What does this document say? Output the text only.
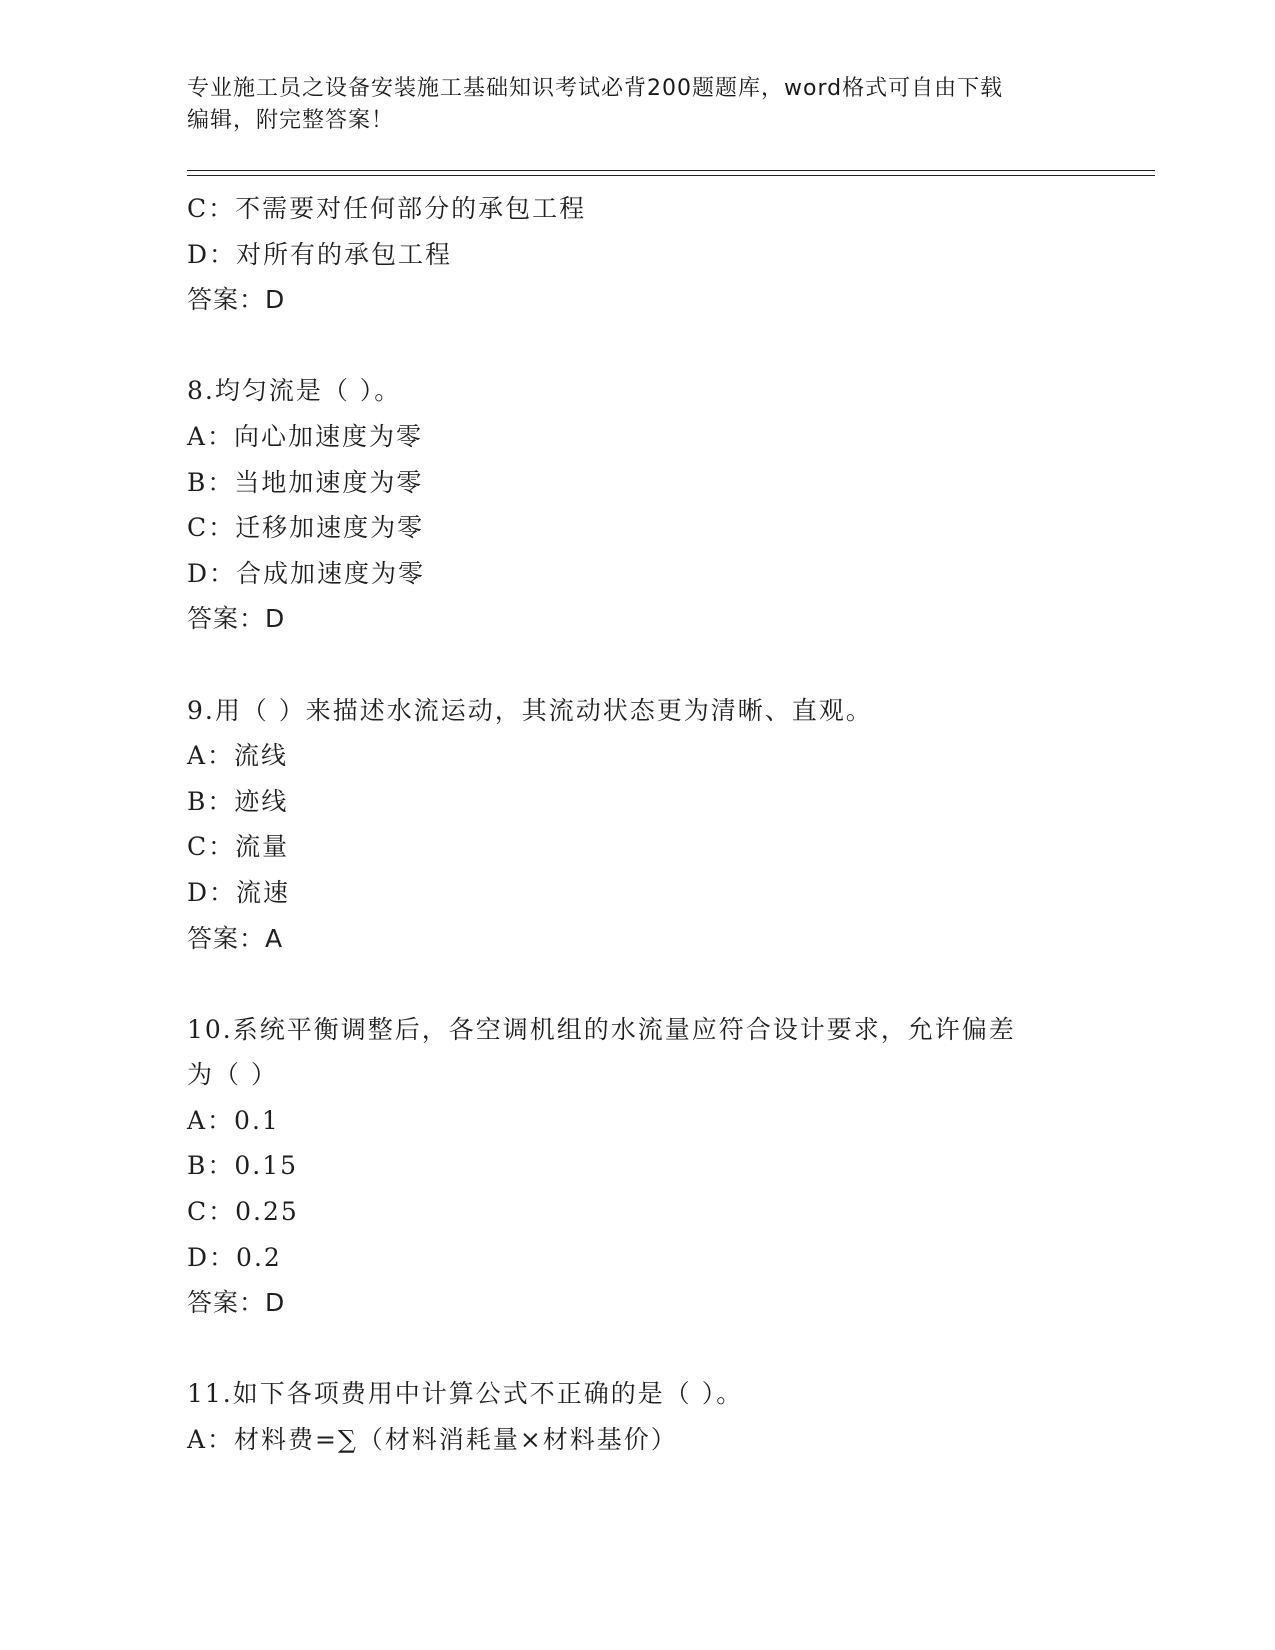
专业施工员之设备安装施工基础知识考试必背200题题库，word格式可自由下载
编辑，附完整答案！
C：不需要对任何部分的承包工程
D：对所有的承包工程
答案：D
8.均匀流是（ ）。
A：向心加速度为零
B：当地加速度为零
C：迁移加速度为零
D：合成加速度为零
答案：D
9.用（ ）来描述水流运动，其流动状态更为清晰、直观。
A：流线
B：迹线
C：流量
D：流速
答案：A
10.系统平衡调整后，各空调机组的水流量应符合设计要求，允许偏差
为（ ）
A：0.1
B：0.15
C：0.25
D：0.2
答案：D
11.如下各项费用中计算公式不正确的是（ ）。
A：材料费=∑（材料消耗量×材料基价）
